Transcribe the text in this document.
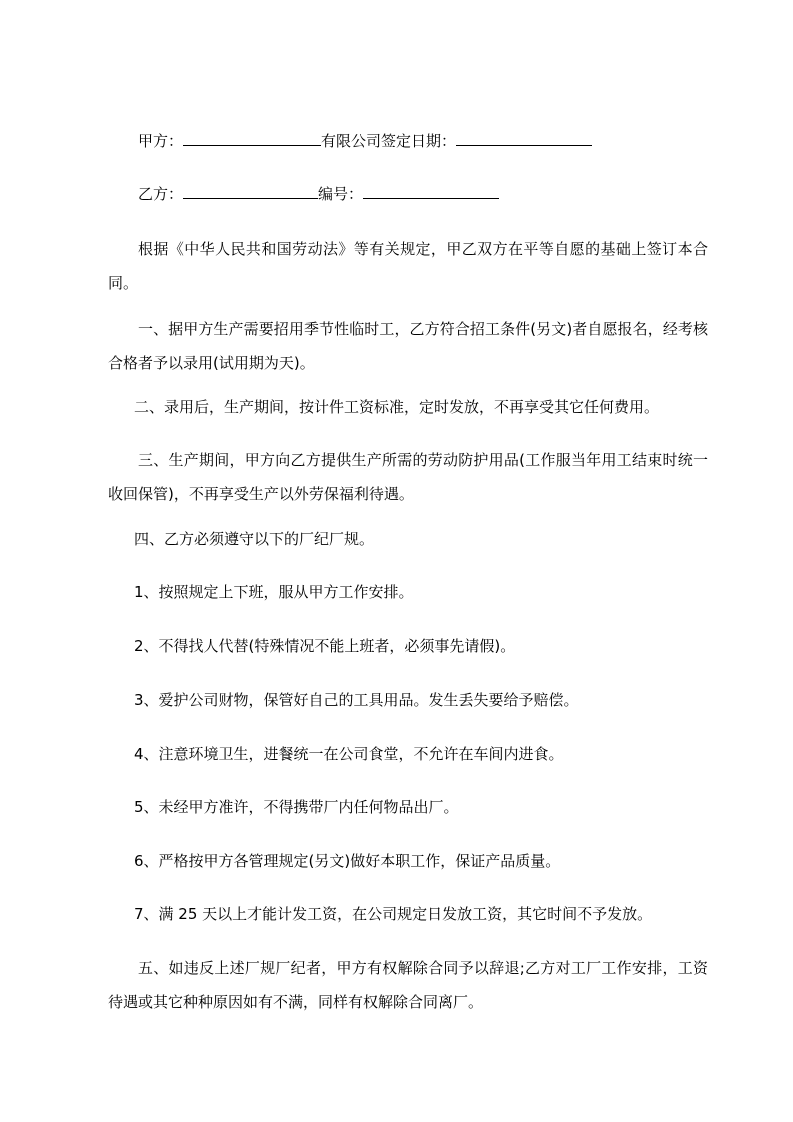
甲方：	有限公司签定日期：
乙方：	编号：
根据《中华人民共和国劳动法》等有关规定，甲乙双方在平等自愿的基础上签订本合同。
一、据甲方生产需要招用季节性临时工，乙方符合招工条件(另文)者自愿报名，经考核合格者予以录用(试用期为天)。
二、录用后，生产期间，按计件工资标准，定时发放，不再享受其它任何费用。
三、生产期间，甲方向乙方提供生产所需的劳动防护用品(工作服当年用工结束时统一收回保管)，不再享受生产以外劳保福利待遇。
四、乙方必须遵守以下的厂纪厂规。
1、按照规定上下班，服从甲方工作安排。
2、不得找人代替(特殊情况不能上班者，必须事先请假)。
3、爱护公司财物，保管好自己的工具用品。发生丢失要给予赔偿。
4、注意环境卫生，进餐统一在公司食堂，不允许在车间内进食。
5、未经甲方准许，不得携带厂内任何物品出厂。
6、严格按甲方各管理规定(另文)做好本职工作，保证产品质量。
7、满 25 天以上才能计发工资，在公司规定日发放工资，其它时间不予发放。
五、如违反上述厂规厂纪者，甲方有权解除合同予以辞退;乙方对工厂工作安排，工资待遇或其它种种原因如有不满，同样有权解除合同离厂。
